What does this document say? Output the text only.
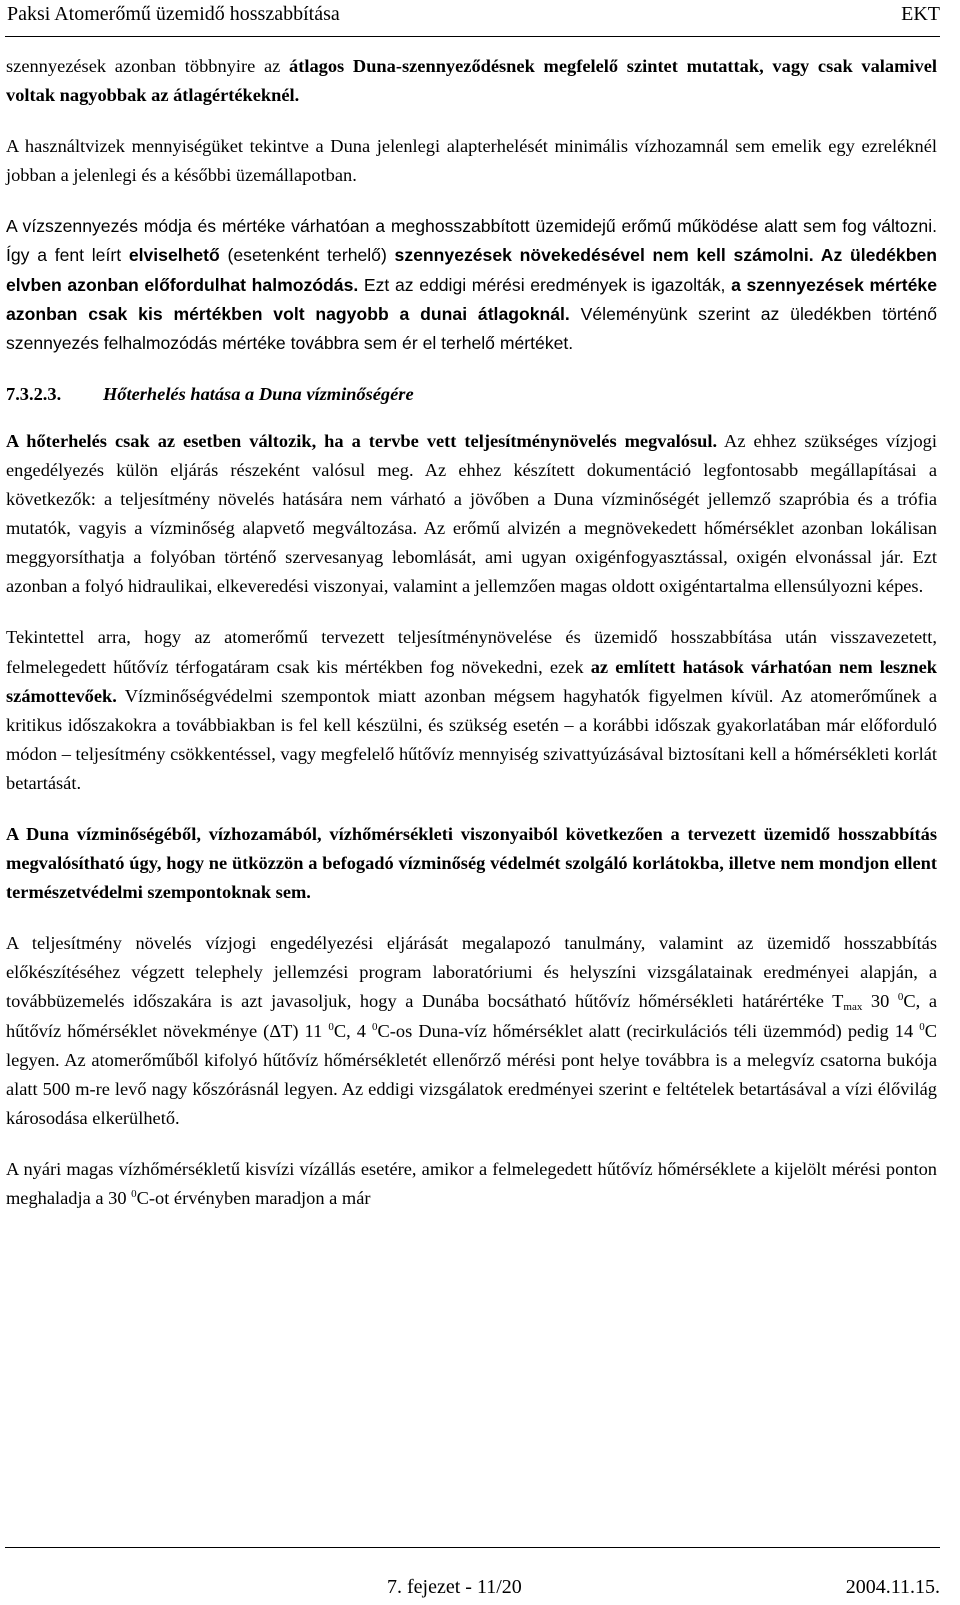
Paksi Atomerőmű üzemidő hosszabbítása	EKT

szennyezések azonban többnyire az átlagos Duna-szennyeződésnek megfelelő szintet mutattak, vagy csak valamivel voltak nagyobbak az átlagértékeknél.

A használtvizek mennyiségüket tekintve a Duna jelenlegi alapterhelését minimális vízhozamnál sem emelik egy ezreléknél jobban a jelenlegi és a későbbi üzemállapotban.

A vízszennyezés módja és mértéke várhatóan a meghosszabbított üzemidejű erőmű működése alatt sem fog változni. Így a fent leírt elviselhető (esetenként terhelő) szennyezések növekedésével nem kell számolni. Az üledékben elvben azonban előfordulhat halmozódás. Ezt az eddigi mérési eredmények is igazolták, a szennyezések mértéke azonban csak kis mértékben volt nagyobb a dunai átlagoknál. Véleményünk szerint az üledékben történő szennyezés felhalmozódás mértéke továbbra sem ér el terhelő mértéket.

7.3.2.3. Hőterhelés hatása a Duna vízminőségére

A hőterhelés csak az esetben változik, ha a tervbe vett teljesítménynövelés megvalósul. Az ehhez szükséges vízjogi engedélyezés külön eljárás részeként valósul meg. Az ehhez készített dokumentáció legfontosabb megállapításai a következők: a teljesítmény növelés hatására nem várható a jövőben a Duna vízminőségét jellemző szapróbia és a trófia mutatók, vagyis a vízminőség alapvető megváltozása. Az erőmű alvizén a megnövekedett hőmérséklet azonban lokálisan meggyorsíthatja a folyóban történő szervesanyag lebomlását, ami ugyan oxigénfogyasztással, oxigén elvonással jár. Ezt azonban a folyó hidraulikai, elkeveredési viszonyai, valamint a jellemzően magas oldott oxigéntartalma ellensúlyozni képes.

Tekintettel arra, hogy az atomerőmű tervezett teljesítménynövelése és üzemidő hosszabbítása után visszavezetett, felmelegedett hűtővíz térfogatáram csak kis mértékben fog növekedni, ezek az említett hatások várhatóan nem lesznek számottevőek. Vízminőségvédelmi szempontok miatt azonban mégsem hagyhatók figyelmen kívül. Az atomerőműnek a kritikus időszakokra a továbbiakban is fel kell készülni, és szükség esetén – a korábbi időszak gyakorlatában már előforduló módon – teljesítmény csökkentéssel, vagy megfelelő hűtővíz mennyiség szivattyúzásával biztosítani kell a hőmérsékleti korlát betartását.

A Duna vízminőségéből, vízhozamából, vízhőmérsékleti viszonyaiból következően a tervezett üzemidő hosszabbítás megvalósítható úgy, hogy ne ütközzön a befogadó vízminőség védelmét szolgáló korlátokba, illetve nem mondjon ellent természetvédelmi szempontoknak sem.

A teljesítmény növelés vízjogi engedélyezési eljárását megalapozó tanulmány, valamint az üzemidő hosszabbítás előkészítéséhez végzett telephely jellemzési program laboratóriumi és helyszíni vizsgálatainak eredményei alapján, a továbbüzemelés időszakára is azt javasoljuk, hogy a Dunába bocsátható hűtővíz hőmérsékleti határértéke $T_{max}$ 30 $^0$C, a hűtővíz hőmérséklet növekménye (ΔT) 11 $^0$C, 4 $^0$C-os Duna-víz hőmérséklet alatt (recirkulációs téli üzemmód) pedig 14 $^0$C legyen. Az atomerőműből kifolyó hűtővíz hőmérsékletét ellenőrző mérési pont helye továbbra is a melegvíz csatorna bukója alatt 500 m-re levő nagy kőszórásnál legyen. Az eddigi vizsgálatok eredményei szerint e feltételek betartásával a vízi élővilág károsodása elkerülhető.

A nyári magas vízhőmérsékletű kisvízi vízállás esetére, amikor a felmelegedett hűtővíz hőmérséklete a kijelölt mérési ponton meghaladja a 30 $^0$C-ot érvényben maradjon a már

7. fejezet - 11/20	2004.11.15.
